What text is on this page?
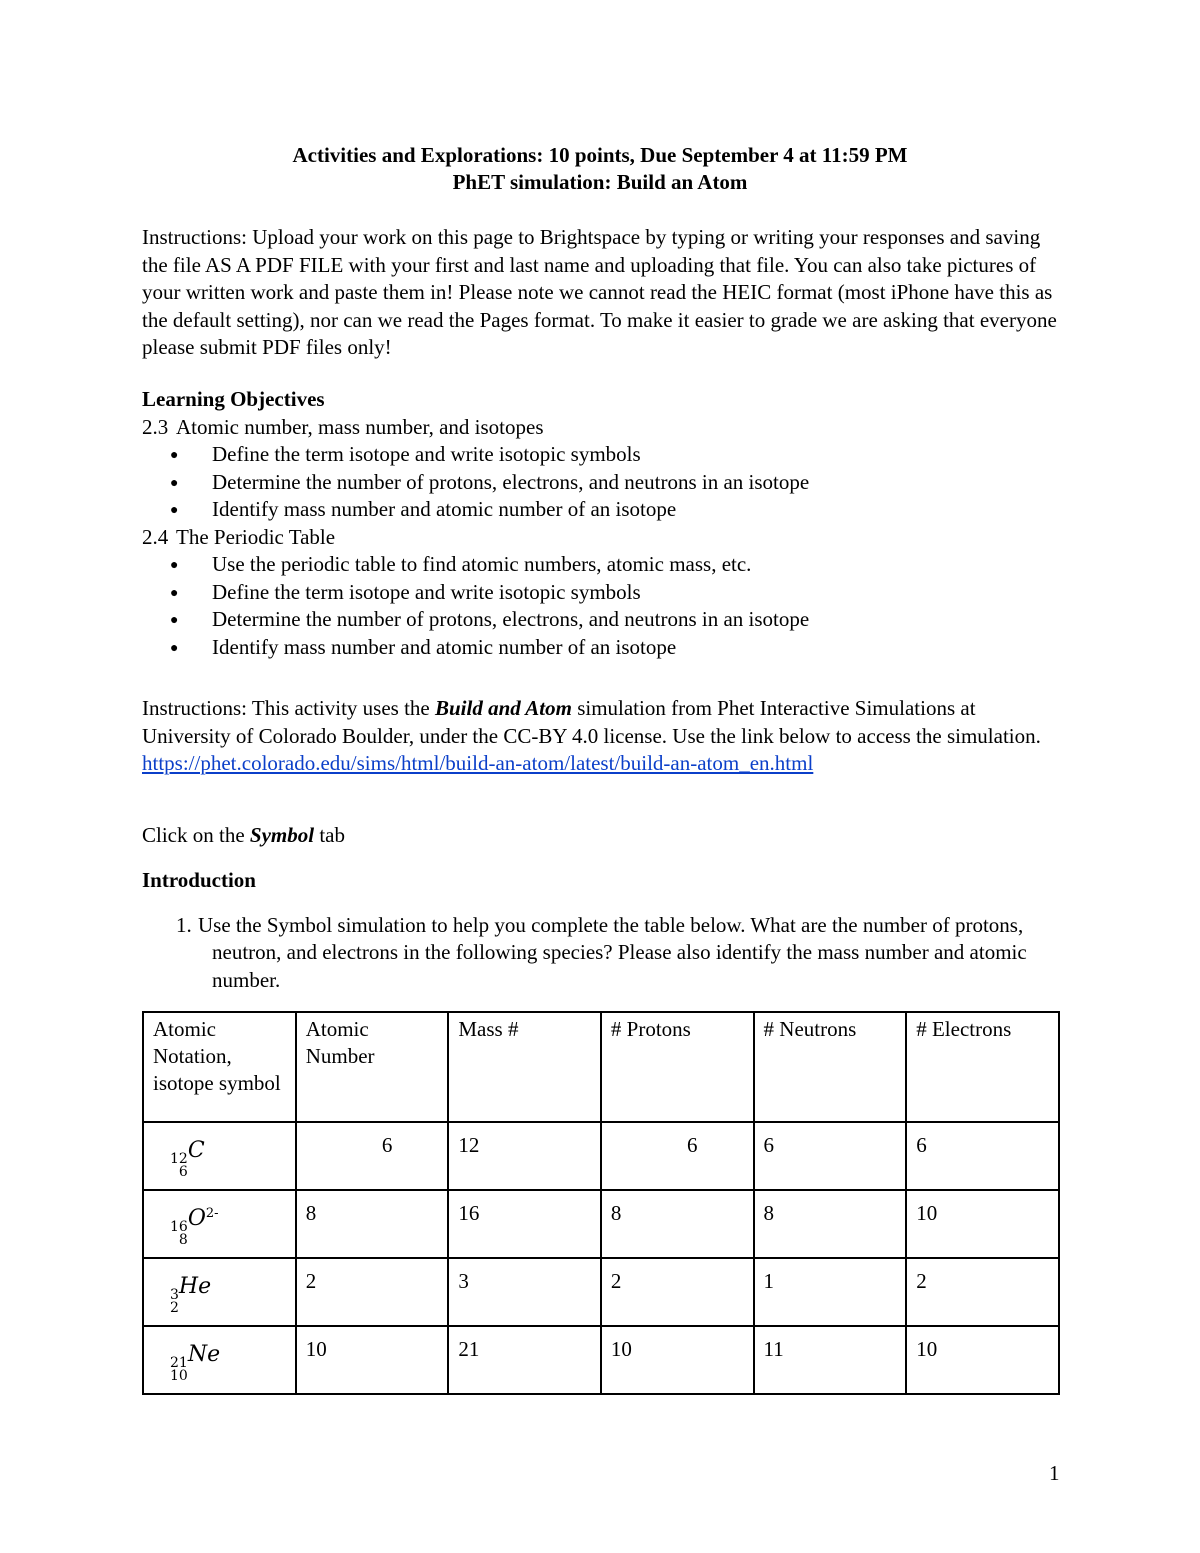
Activities and Explorations: 10 points, Due September 4 at 11:59 PM
PhET simulation: Build an Atom

Instructions: Upload your work on this page to Brightspace by typing or writing your responses and saving the file AS A PDF FILE with your first and last name and uploading that file. You can also take pictures of your written work and paste them in! Please note we cannot read the HEIC format (most iPhone have this as the default setting), nor can we read the Pages format. To make it easier to grade we are asking that everyone please submit PDF files only!

Learning Objectives

2.3 Atomic number, mass number, and isotopes

● Define the term isotope and write isotopic symbols
● Determine the number of protons, electrons, and neutrons in an isotope
● Identify mass number and atomic number of an isotope

2.4 The Periodic Table

● Use the periodic table to find atomic numbers, atomic mass, etc.
● Define the term isotope and write isotopic symbols
● Determine the number of protons, electrons, and neutrons in an isotope
● Identify mass number and atomic number of an isotope

Instructions: This activity uses the Build and Atom simulation from Phet Interactive Simulations at University of Colorado Boulder, under the CC-BY 4.0 license. Use the link below to access the simulation.

https://phet.colorado.edu/sims/html/build-an-atom/latest/build-an-atom_en.html

Click on the Symbol tab

Introduction

1. Use the Symbol simulation to help you complete the table below. What are the number of protons, neutron, and electrons in the following species? Please also identify the mass number and atomic number.

Atomic Notation, isotope symbol	Atomic Number	Mass #	# Protons	# Neutrons	# Electrons

12
6
C	6	12	6	6	6

16
8
$O^{2-}$	8	16	8	8	10

3
2
He	2	3	2	1	2

21
10
Ne	10	21	10	11	10
1
